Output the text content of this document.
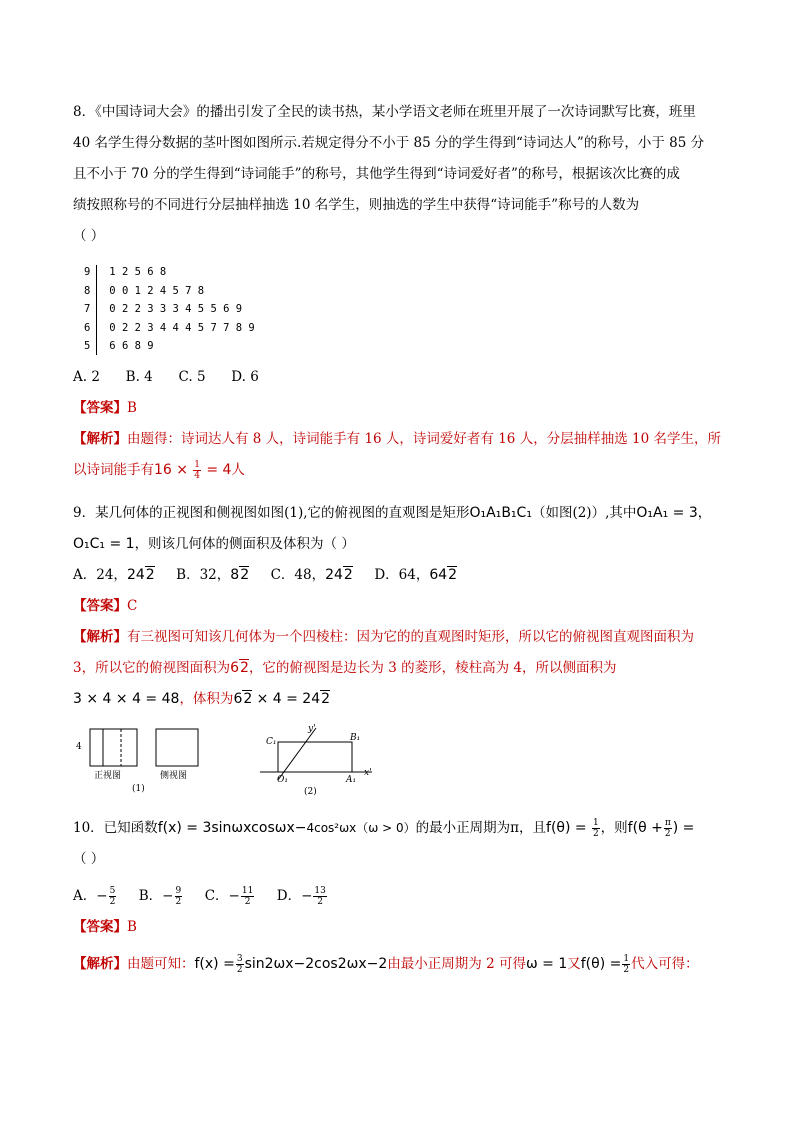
8．《中国诗词大会》的播出引发了全民的读书热，某小学语文老师在班里开展了一次诗词默写比赛，班里
40 名学生得分数据的茎叶图如图所示.若规定得分不小于 85 分的学生得到“诗词达人”的称号，小于 85 分
且不小于 70 分的学生得到“诗词能手”的称号，其他学生得到“诗词爱好者”的称号，根据该次比赛的成
绩按照称号的不同进行分层抽样抽选 10 名学生，则抽选的学生中获得“诗词能手”称号的人数为
（ ）
9 1 2 5 6 8
8 0 0 1 2 4 5 7 8
7 0 2 2 3 3 3 4 5 5 6 9
6 0 2 2 3 4 4 4 5 7 7 8 9
5 6 6 8 9
A. 2      B. 4      C. 5      D. 6
【答案】B
【解析】由题得：诗词达人有 8 人，诗词能手有 16 人，诗词爱好者有 16 人，分层抽样抽选 10 名学生，所
以诗词能手有$16 \times \frac{1}{4} = 4$人
9．某几何体的正视图和侧视图如图(1),它的俯视图的直观图是矩形O₁A₁B₁C₁（如图(2)）,其中O₁A₁ = 3，
O₁C₁ = 1，则该几何体的侧面积及体积为（ ）
A．24，242 B．32，82 C．48，242 D．64，642
【答案】C
【解析】有三视图可知该几何体为一个四棱柱：因为它的的直观图时矩形，所以它的俯视图直观图面积为
3，所以它的俯视图面积为62，它的俯视图是边长为 3 的菱形，棱柱高为 4，所以侧面积为
3 × 4 × 4 = 48，体积为62 × 4 = 242
4
正视图	侧视图
(1)
C₁	B₁
O₁	A₁
x'
y'
(2)
10．已知函数f(x) = 3sinωxcosωx−4cos²ωx（ω > 0）的最小正周期为π，且$f(\theta) = \frac{1}{2}$ ，则$f(\theta + \frac{\pi}{2}$ ) =
（ ）
A．− $\frac{5}{2}$ B．− $\frac{9}{2}$ C．− $\frac{11}{2}$ D．− $\frac{13}{2}$
【答案】B
【解析】由题可知：$f(x) = \frac{3}{2} \sin 2\omega x-2\cos 2\omega x-2$由最小正周期为 2 可得ω = 1又$f(\theta) = \frac{1}{2}$ 代入可得：
